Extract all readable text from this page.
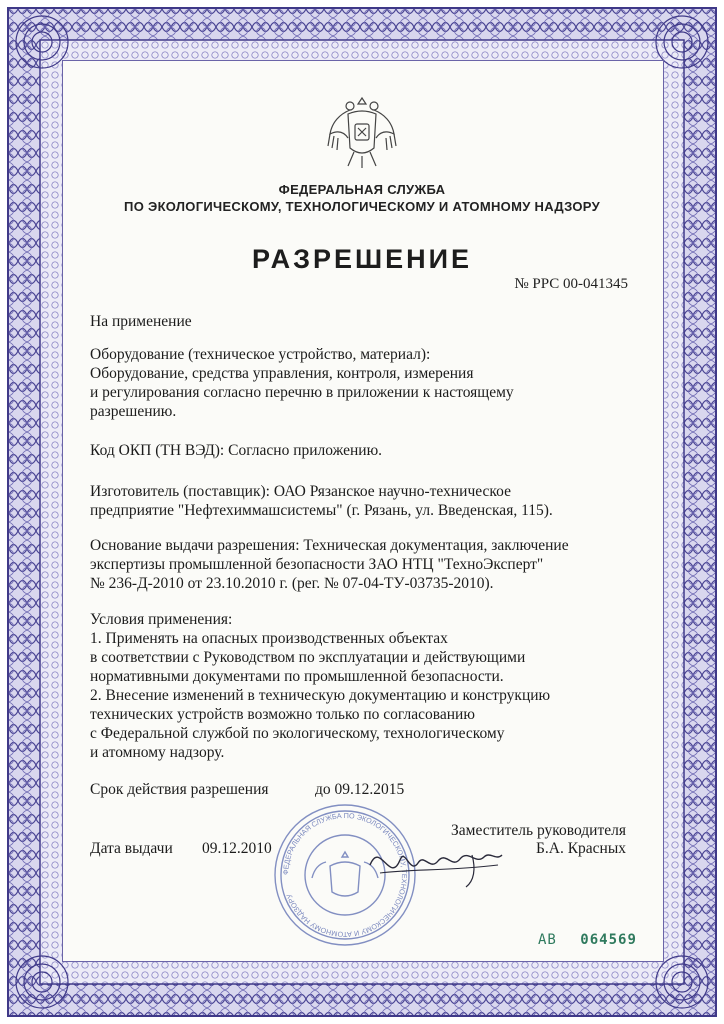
ФЕДЕРАЛЬНАЯ СЛУЖБА
ПО ЭКОЛОГИЧЕСКОМУ, ТЕХНОЛОГИЧЕСКОМУ И АТОМНОМУ НАДЗОРУ
РАЗРЕШЕНИЕ
№ РРС 00-041345
На применение
Оборудование (техническое устройство, материал):
Оборудование, средства управления, контроля, измерения
и регулирования согласно перечню в приложении к настоящему
разрешению.
Код ОКП (ТН ВЭД): Согласно приложению.
Изготовитель (поставщик): ОАО Рязанское научно-техническое
предприятие "Нефтехиммашсистемы" (г. Рязань, ул. Введенская, 115).
Основание выдачи разрешения: Техническая документация, заключение
экспертизы промышленной безопасности ЗАО НТЦ "ТехноЭксперт"
№ 236-Д-2010 от 23.10.2010 г. (рег. № 07-04-ТУ-03735-2010).
Условия применения:
1. Применять на опасных производственных объектах
в соответствии с Руководством по эксплуатации и действующими
нормативными документами по промышленной безопасности.
2. Внесение изменений в техническую документацию и конструкцию
технических устройств возможно только по согласованию
с Федеральной службой по экологическому, технологическому
и атомному надзору.
Срок действия разрешения	до 09.12.2015
ФЕДЕРАЛЬНАЯ СЛУЖБА ПО ЭКОЛОГИЧЕСКОМУ, ТЕХНОЛОГИЧЕСКОМУ И АТОМНОМУ НАДЗОРУ
Дата выдачи 09.12.2010
Заместитель руководителя
Б.А. Красных
АВ 064569
